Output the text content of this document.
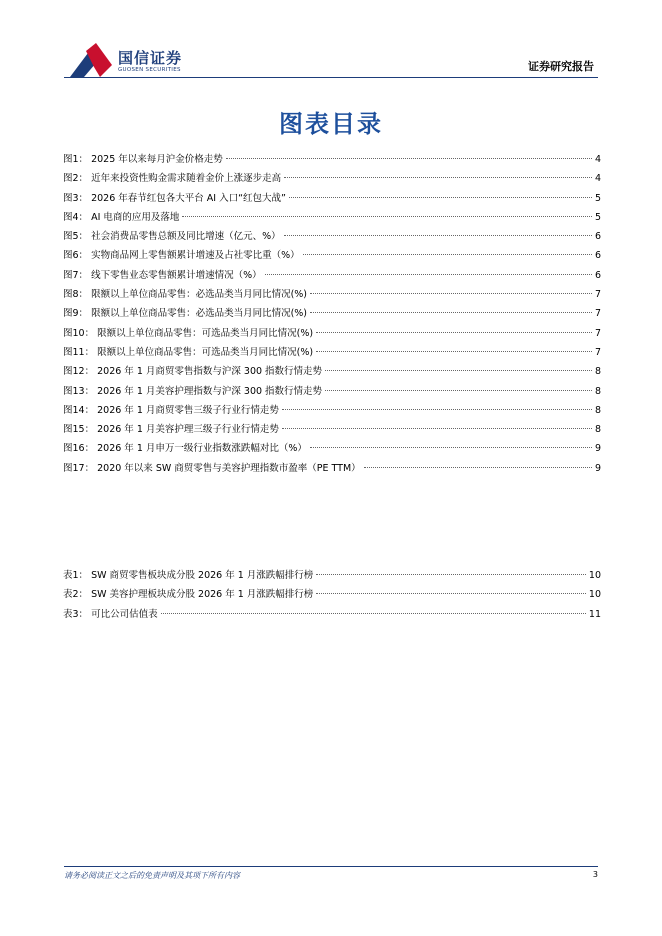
国信证券
GUOSEN SECURITIES	证券研究报告
图表目录
图1： 2025 年以来每月沪金价格走势	4
图2： 近年来投资性购金需求随着金价上涨逐步走高	4
图3： 2026 年春节红包各大平台 AI 入口“红包大战”	5
图4： AI 电商的应用及落地	5
图5： 社会消费品零售总额及同比增速（亿元、%）	6
图6： 实物商品网上零售额累计增速及占社零比重（%）	6
图7： 线下零售业态零售额累计增速情况（%）	6
图8： 限额以上单位商品零售：必选品类当月同比情况(%)	7
图9： 限额以上单位商品零售：必选品类当月同比情况(%)	7
图10： 限额以上单位商品零售：可选品类当月同比情况(%)	7
图11： 限额以上单位商品零售：可选品类当月同比情况(%)	7
图12： 2026 年 1 月商贸零售指数与沪深 300 指数行情走势	8
图13： 2026 年 1 月美容护理指数与沪深 300 指数行情走势	8
图14： 2026 年 1 月商贸零售三级子行业行情走势	8
图15： 2026 年 1 月美容护理三级子行业行情走势	8
图16： 2026 年 1 月申万一级行业指数涨跌幅对比（%）	9
图17： 2020 年以来 SW 商贸零售与美容护理指数市盈率（PE TTM）	9
表1： SW 商贸零售板块成分股 2026 年 1 月涨跌幅排行榜	10
表2： SW 美容护理板块成分股 2026 年 1 月涨跌幅排行榜	10
表3： 可比公司估值表	11
请务必阅读正文之后的免责声明及其项下所有内容	3
